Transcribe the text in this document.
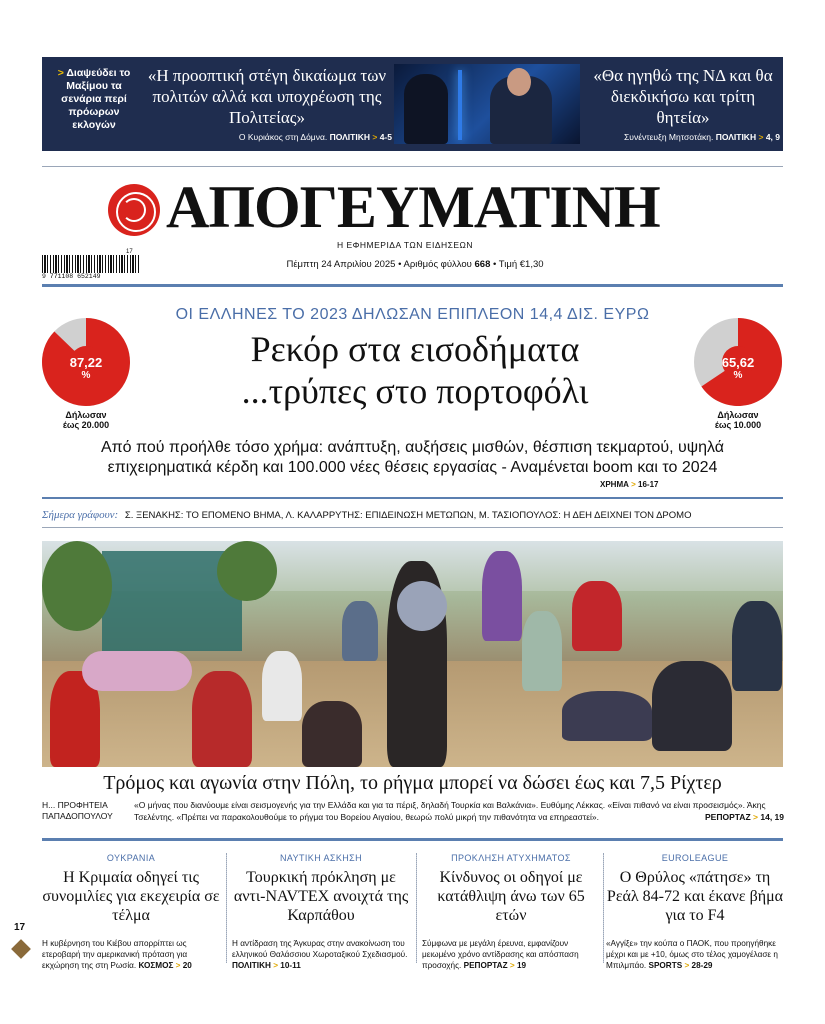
> Διαψεύδει το Μαξίμου τα σενάρια περί πρόωρων εκλογών
«Η προοπτική στέγη δικαίωμα των πολιτών αλλά και υποχρέωση της Πολιτείας»
Ο Κυριάκος στη Δόμνα. ΠΟΛΙΤΙΚΗ > 4-5
«Θα ηγηθώ της ΝΔ και θα διεκδικήσω και τρίτη θητεία»
Συνέντευξη Μητσοτάκη. ΠΟΛΙΤΙΚΗ > 4, 9
ΑΠΟΓΕΥΜΑΤΙΝΗ
Η ΕΦΗΜΕΡΙΔΑ ΤΩΝ ΕΙΔΗΣΕΩΝ
17
9 771108 652149
Πέμπτη 24 Απριλίου 2025 • Αριθμός φύλλου 668 • Τιμή €1,30
ΟΙ ΕΛΛΗΝΕΣ ΤΟ 2023 ΔΗΛΩΣΑΝ ΕΠΙΠΛΕΟΝ 14,4 ΔΙΣ. ΕΥΡΩ
Ρεκόρ στα εισοδήματα
...τρύπες στο πορτοφόλι
87,22
%
Δήλωσαν
έως 20.000
65,62
%
Δήλωσαν
έως 10.000
Από πού προήλθε τόσο χρήμα: ανάπτυξη, αυξήσεις μισθών, θέσπιση τεκμαρτού, υψηλά επιχειρηματικά κέρδη και 100.000 νέες θέσεις εργασίας - Αναμένεται boom και το 2024
ΧΡΗΜΑ > 16-17
Σήμερα γράφουν: Σ. ΞΕΝΑΚΗΣ: ΤΟ ΕΠΟΜΕΝΟ ΒΗΜΑ, Λ. ΚΑΛΑΡΡΥΤΗΣ: ΕΠΙΔΕΙΝΩΣΗ ΜΕΤΩΠΩΝ, Μ. ΤΑΣΙΟΠΟΥΛΟΣ: Η ΔΕΗ ΔΕΙΧΝΕΙ ΤΟΝ ΔΡΟΜΟ
Τρόμος και αγωνία στην Πόλη, το ρήγμα μπορεί να δώσει έως και 7,5 Ρίχτερ
Η... ΠΡΟΦΗΤΕΙΑ ΠΑΠΑΔΟΠΟΥΛΟΥ
«Ο μήνας που διανύουμε είναι σεισμογενής για την Ελλάδα και για τα πέριξ, δηλαδή Τουρκία και Βαλκάνια». Ευθύμης Λέκκας. «Είναι πιθανό να είναι προσεισμός». Άκης Τσελέντης. «Πρέπει να παρακολουθούμε το ρήγμα του Βορείου Αιγαίου, θεωρώ πολύ μικρή την πιθανότητα να επηρεαστεί».	ΡΕΠΟΡΤΑΖ > 14, 19
ΟΥΚΡΑΝΙΑ
Η Κριμαία οδηγεί τις συνομιλίες για εκεχειρία σε τέλμα
Η κυβέρνηση του Κιέβου απορρίπτει ως ετεροβαρή την αμερικανική πρόταση για εκχώρηση της στη Ρωσία. ΚΟΣΜΟΣ > 20
ΝΑΥΤΙΚΗ ΑΣΚΗΣΗ
Τουρκική πρόκληση με αντι-NAVTEX ανοιχτά της Καρπάθου
Η αντίδραση της Άγκυρας στην ανακοίνωση του ελληνικού Θαλάσσιου Χωροταξικού Σχεδιασμού. ΠΟΛΙΤΙΚΗ > 10-11
ΠΡΟΚΛΗΣΗ ΑΤΥΧΗΜΑΤΟΣ
Κίνδυνος οι οδηγοί με κατάθλιψη άνω των 65 ετών
Σύμφωνα με μεγάλη έρευνα, εμφανίζουν μειωμένο χρόνο αντίδρασης και απόσπαση προσοχής. ΡΕΠΟΡΤΑΖ > 19
EUROLEAGUE
Ο Θρύλος «πάτησε» τη Ρεάλ 84-72 και έκανε βήμα για το F4
«Αγγίξε» την κούπα ο ΠΑΟΚ, που προηγήθηκε μέχρι και με +10, όμως στο τέλος χαμογέλασε η Μπιλμπάο. SPORTS > 28-29
17
